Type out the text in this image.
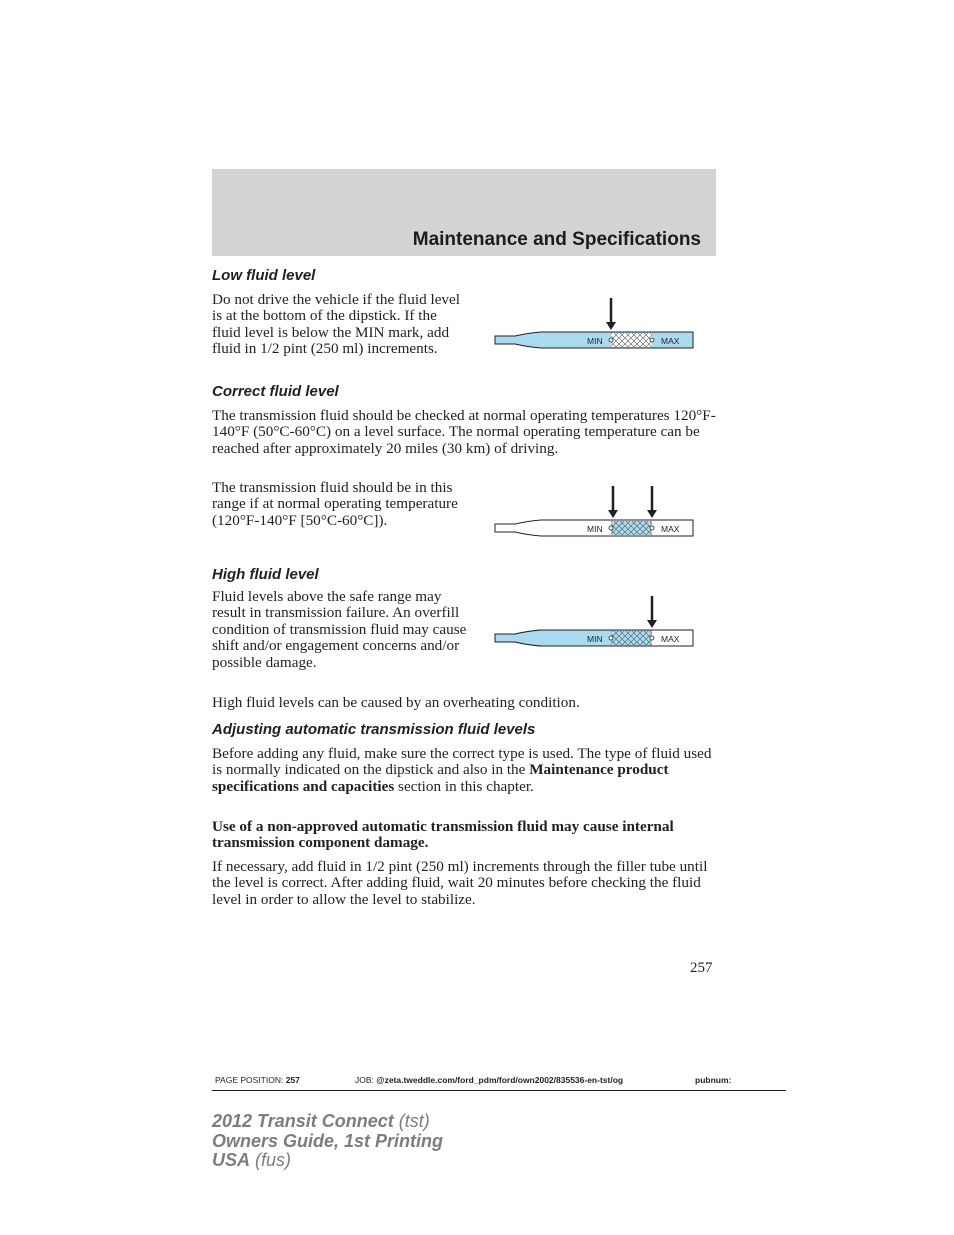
Maintenance and Specifications
Low fluid level
Do not drive the vehicle if the fluid level is at the bottom of the dipstick. If the fluid level is below the MIN mark, add fluid in 1/2 pint (250 ml) increments.	MIN	MAX
Correct fluid level
The transmission fluid should be checked at normal operating temperatures 120°F-140°F (50°C-60°C) on a level surface. The normal operating temperature can be reached after approximately 20 miles (30 km) of driving.
The transmission fluid should be in this range if at normal operating temperature (120°F-140°F [50°C-60°C]).
MIN	MAX
High fluid level
Fluid levels above the safe range may result in transmission failure. An overfill condition of transmission fluid may cause shift and/or engagement concerns and/or possible damage.
MIN	MAX
High fluid levels can be caused by an overheating condition.
Adjusting automatic transmission fluid levels
Before adding any fluid, make sure the correct type is used. The type of fluid used is normally indicated on the dipstick and also in the Maintenance product specifications and capacities section in this chapter.
Use of a non-approved automatic transmission fluid may cause internal transmission component damage.
If necessary, add fluid in 1/2 pint (250 ml) increments through the filler tube until the level is correct. After adding fluid, wait 20 minutes before checking the fluid level in order to allow the level to stabilize.
257
PAGE POSITION: 257	JOB: @zeta.tweddle.com/ford_pdm/ford/own2002/835536-en-tst/og	pubnum:
2012 Transit Connect (tst)
Owners Guide, 1st Printing
USA (fus)
